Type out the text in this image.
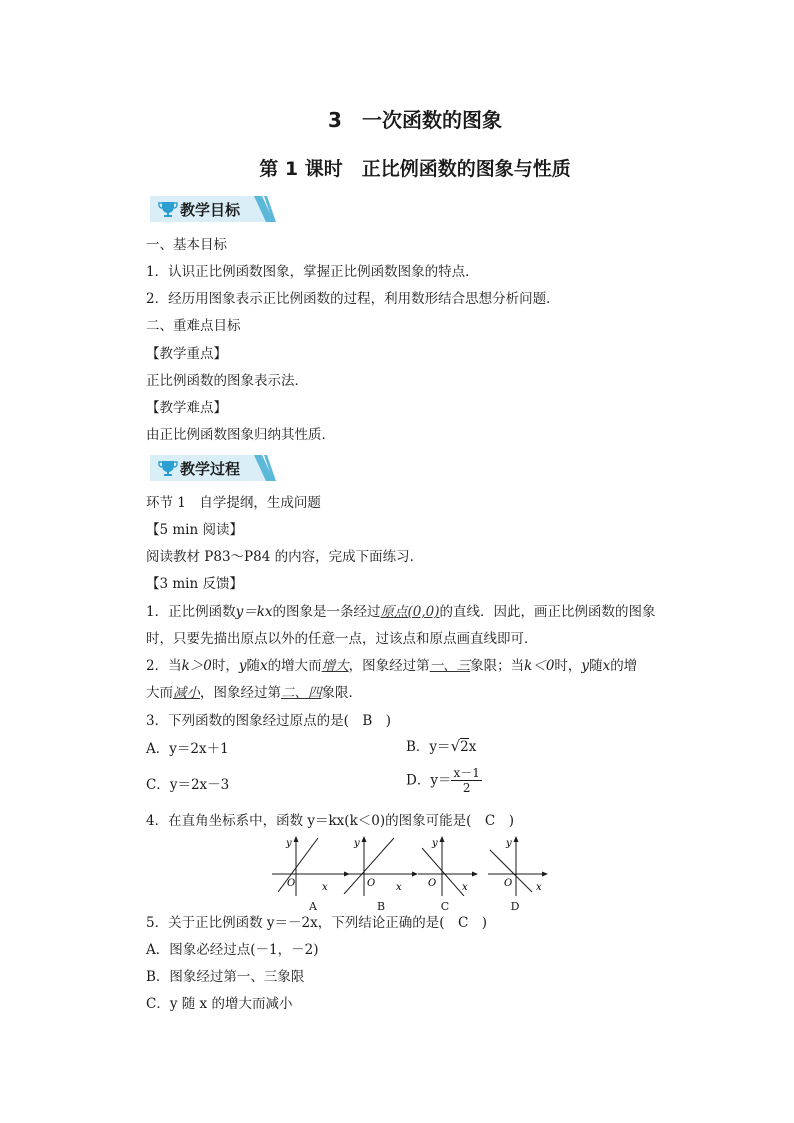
3　一次函数的图象
第 1 课时　正比例函数的图象与性质
教学目标
一、基本目标
1．认识正比例函数图象，掌握正比例函数图象的特点．
2．经历用图象表示正比例函数的过程，利用数形结合思想分析问题．
二、重难点目标
【教学重点】
正比例函数的图象表示法．
【教学难点】
由正比例函数图象归纳其性质．
教学过程
环节 1　自学提纲，生成问题
【5 min 阅读】
阅读教材 P83～P84 的内容，完成下面练习．
【3 min 反馈】
1．正比例函数y＝kx的图象是一条经过原点(0,0)的直线．因此，画正比例函数的图象
时，只要先描出原点以外的任意一点，过该点和原点画直线即可．
2．当k＞0时，y随x的增大而增大，图象经过第一、三象限；当k＜0时，y随x的增
大而减小，图象经过第二、四象限．
3．下列函数的图象经过原点的是(　B　)
A．y＝2x＋1	B．y＝√2x
C．y＝2x－3	D．$y= \frac{x-1}{2}$
4．在直角坐标系中，函数 y＝kx(k＜0)的图象可能是(　C　)
y
x
O
A
y
x
O
B
y
x
O
C
y
x
O
D
5．关于正比例函数 y＝－2x，下列结论正确的是(　C　)
A．图象必经过点(－1，－2)
B．图象经过第一、三象限
C．y 随 x 的增大而减小
